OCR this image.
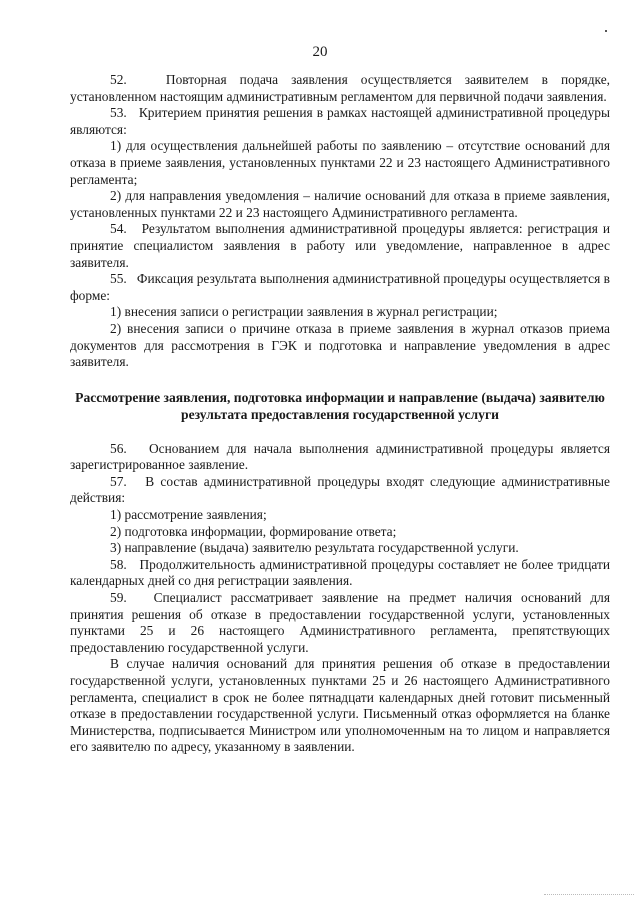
20

52.   Повторная подача заявления осуществляется заявителем в порядке, установленном настоящим административным регламентом для первичной подачи заявления.

53.   Критерием принятия решения в рамках настоящей административной процедуры являются:

1) для осуществления дальнейшей работы по заявлению – отсутствие оснований для отказа в приеме заявления, установленных пунктами 22 и 23 настоящего Административного регламента;

2) для направления уведомления – наличие оснований для отказа в приеме заявления, установленных пунктами 22 и 23 настоящего Административного регламента.

54.   Результатом выполнения административной процедуры является: регистрация и принятие специалистом заявления в работу или уведомление, направленное в адрес заявителя.

55.   Фиксация результата выполнения административной процедуры осуществляется в форме:

1) внесения записи о регистрации заявления в журнал регистрации;

2) внесения записи о причине отказа в приеме заявления в журнал отказов приема документов для рассмотрения в ГЭК и подготовка и направление уведомления в адрес заявителя.

Рассмотрение заявления, подготовка информации и направление (выдача) заявителю результата предоставления государственной услуги

56.   Основанием для начала выполнения административной процедуры является зарегистрированное заявление.

57.   В состав административной процедуры входят следующие административные действия:

1) рассмотрение заявления;

2) подготовка информации, формирование ответа;

3) направление (выдача) заявителю результата государственной услуги.

58.   Продолжительность административной процедуры составляет не более тридцати календарных дней со дня регистрации заявления.

59.   Специалист рассматривает заявление на предмет наличия оснований для принятия решения об отказе в предоставлении государственной услуги, установленных пунктами 25 и 26 настоящего Административного регламента, препятствующих предоставлению государственной услуги.

В случае наличия оснований для принятия решения об отказе в предоставлении государственной услуги, установленных пунктами 25 и 26 настоящего Административного регламента, специалист в срок не более пятнадцати календарных дней готовит письменный отказе в предоставлении государственной услуги. Письменный отказ оформляется на бланке Министерства, подписывается Министром или уполномоченным на то лицом и направляется его заявителю по адресу, указанному в заявлении.
